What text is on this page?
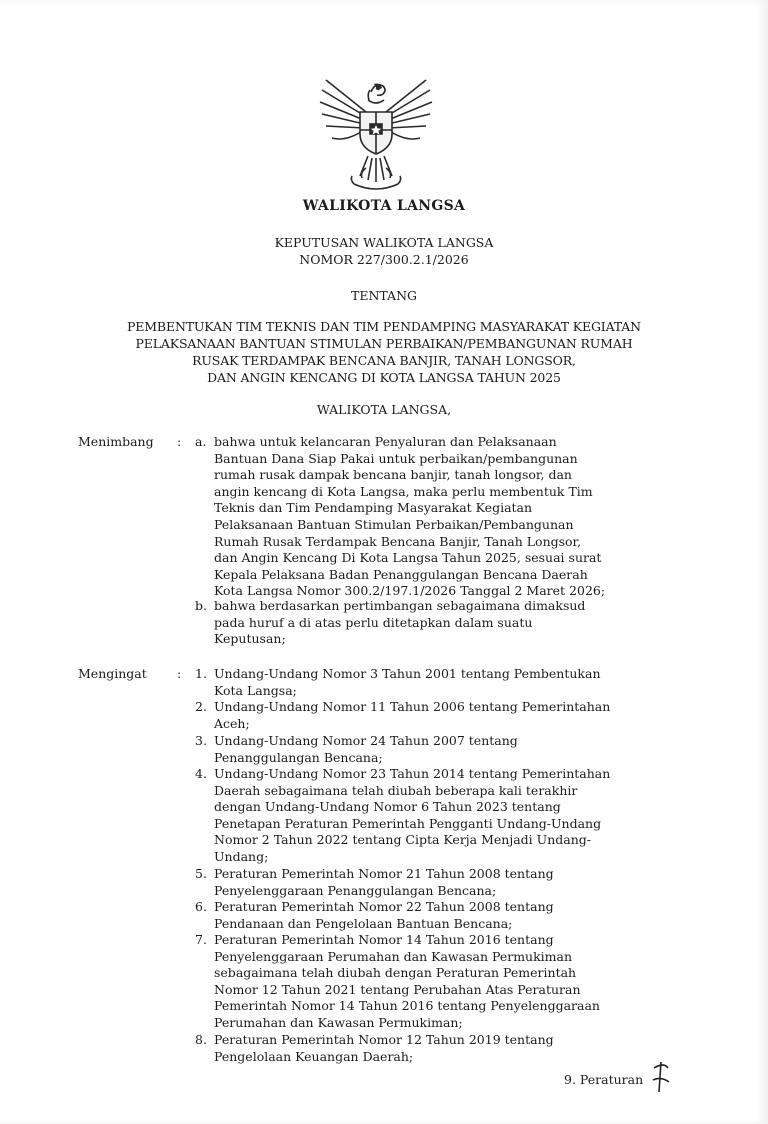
WALIKOTA LANGSA
KEPUTUSAN WALIKOTA LANGSA
NOMOR 227/300.2.1/2026
TENTANG
PEMBENTUKAN TIM TEKNIS DAN TIM PENDAMPING MASYARAKAT KEGIATAN
PELAKSANAAN BANTUAN STIMULAN PERBAIKAN/PEMBANGUNAN RUMAH
RUSAK TERDAMPAK BENCANA BANJIR, TANAH LONGSOR,
DAN ANGIN KENCANG DI KOTA LANGSA TAHUN 2025
WALIKOTA LANGSA,
Menimbang : a. bahwa untuk kelancaran Penyaluran dan Pelaksanaan

Bantuan Dana Siap Pakai untuk perbaikan/pembangunan

rumah rusak dampak bencana banjir, tanah longsor, dan

angin kencang di Kota Langsa, maka perlu membentuk Tim

Teknis dan Tim Pendamping Masyarakat Kegiatan

Pelaksanaan Bantuan Stimulan Perbaikan/Pembangunan

Rumah Rusak Terdampak Bencana Banjir, Tanah Longsor,

dan Angin Kencang Di Kota Langsa Tahun 2025, sesuai surat

Kepala Pelaksana Badan Penanggulangan Bencana Daerah

Kota Langsa Nomor 300.2/197.1/2026 Tanggal 2 Maret 2026;

b. bahwa berdasarkan pertimbangan sebagaimana dimaksud

pada huruf a di atas perlu ditetapkan dalam suatu

Keputusan;

Mengingat : 1. Undang-Undang Nomor 3 Tahun 2001 tentang Pembentukan

Kota Langsa;

2. Undang-Undang Nomor 11 Tahun 2006 tentang Pemerintahan

Aceh;

3. Undang-Undang Nomor 24 Tahun 2007 tentang

Penanggulangan Bencana;

4. Undang-Undang Nomor 23 Tahun 2014 tentang Pemerintahan

Daerah sebagaimana telah diubah beberapa kali terakhir

dengan Undang-Undang Nomor 6 Tahun 2023 tentang

Penetapan Peraturan Pemerintah Pengganti Undang-Undang

Nomor 2 Tahun 2022 tentang Cipta Kerja Menjadi Undang-

Undang;

5. Peraturan Pemerintah Nomor 21 Tahun 2008 tentang

Penyelenggaraan Penanggulangan Bencana;

6. Peraturan Pemerintah Nomor 22 Tahun 2008 tentang

Pendanaan dan Pengelolaan Bantuan Bencana;

7. Peraturan Pemerintah Nomor 14 Tahun 2016 tentang

Penyelenggaraan Perumahan dan Kawasan Permukiman

sebagaimana telah diubah dengan Peraturan Pemerintah

Nomor 12 Tahun 2021 tentang Perubahan Atas Peraturan

Pemerintah Nomor 14 Tahun 2016 tentang Penyelenggaraan

Perumahan dan Kawasan Permukiman;

8. Peraturan Pemerintah Nomor 12 Tahun 2019 tentang

Pengelolaan Keuangan Daerah;

9. Peraturan
